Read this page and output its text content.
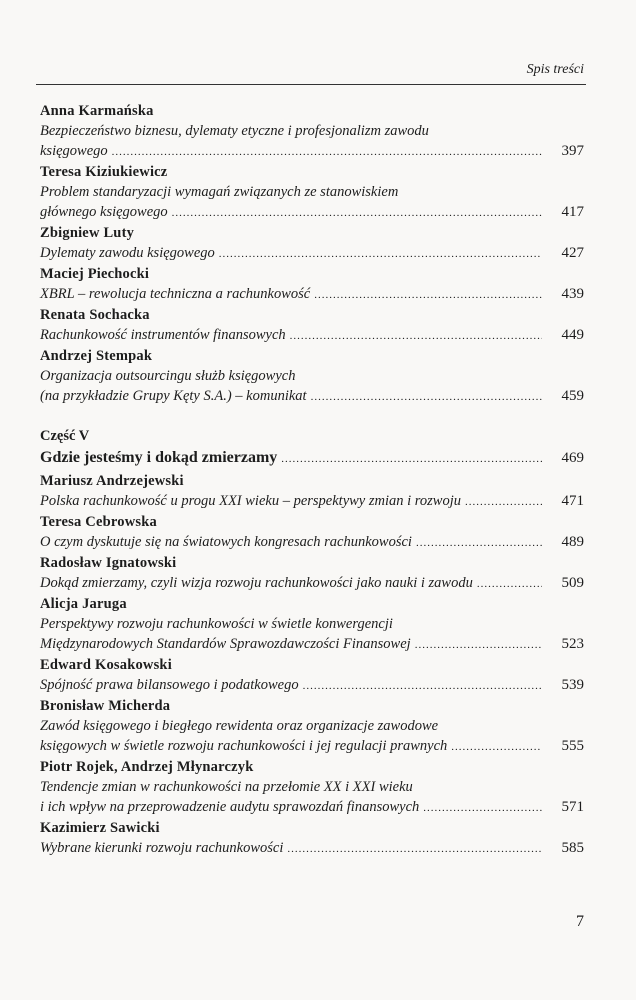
Spis treści
Anna Karmańska
Bezpieczeństwo biznesu, dylematy etyczne i profesjonalizm zawodu
księgowego .....	397
Teresa Kiziukiewicz
Problem standaryzacji wymagań związanych ze stanowiskiem
głównego księgowego .....	417
Zbigniew Luty
Dylematy zawodu księgowego .....	427
Maciej Piechocki
XBRL – rewolucja techniczna a rachunkowość .....	439
Renata Sochacka
Rachunkowość instrumentów finansowych .....	449
Andrzej Stempak
Organizacja outsourcingu służb księgowych
(na przykładzie Grupy Kęty S.A.) – komunikat .....	459
Część V
Gdzie jesteśmy i dokąd zmierzamy .....	469
Mariusz Andrzejewski
Polska rachunkowość u progu XXI wieku – perspektywy zmian i rozwoju .....	471
Teresa Cebrowska
O czym dyskutuje się na światowych kongresach rachunkowości .....	489
Radosław Ignatowski
Dokąd zmierzamy, czyli wizja rozwoju rachunkowości jako nauki i zawodu .....	509
Alicja Jaruga
Perspektywy rozwoju rachunkowości w świetle konwergencji
Międzynarodowych Standardów Sprawozdawczości Finansowej .....	523
Edward Kosakowski
Spójność prawa bilansowego i podatkowego .....	539
Bronisław Micherda
Zawód księgowego i biegłego rewidenta oraz organizacje zawodowe
księgowych w świetle rozwoju rachunkowości i jej regulacji prawnych .....	555
Piotr Rojek, Andrzej Młynarczyk
Tendencje zmian w rachunkowości na przełomie XX i XXI wieku
i ich wpływ na przeprowadzenie audytu sprawozdań finansowych .....	571
Kazimierz Sawicki
Wybrane kierunki rozwoju rachunkowości .....	585
7
